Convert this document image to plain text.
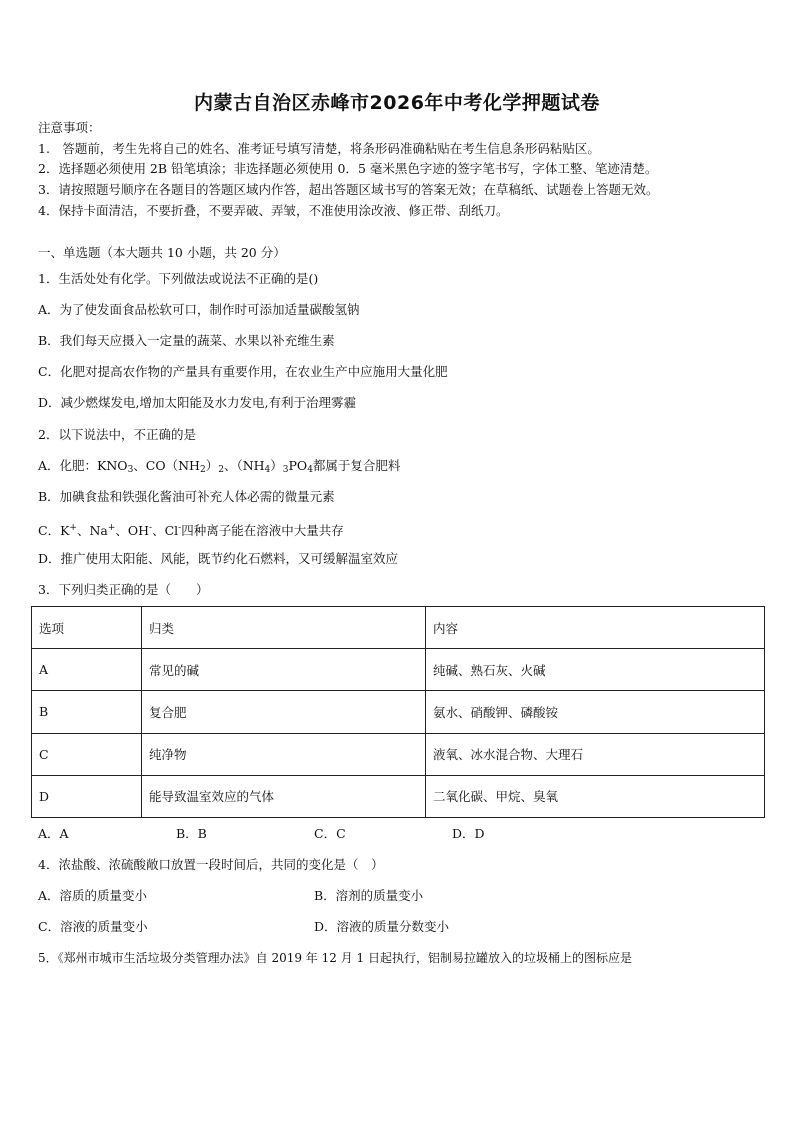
内蒙古自治区赤峰市2026年中考化学押题试卷
注意事项：
1.　答题前，考生先将自己的姓名、准考证号填写清楚，将条形码准确粘贴在考生信息条形码粘贴区。
2．选择题必须使用 2B 铅笔填涂；非选择题必须使用 0．5 毫米黑色字迹的签字笔书写，字体工整、笔迹清楚。
3．请按照题号顺序在各题目的答题区域内作答，超出答题区域书写的答案无效；在草稿纸、试题卷上答题无效。
4．保持卡面清洁，不要折叠，不要弄破、弄皱，不准使用涂改液、修正带、刮纸刀。
一、单选题（本大题共 10 小题，共 20 分）
1．生活处处有化学。下列做法或说法不正确的是()
A．为了使发面食品松软可口，制作时可添加适量碳酸氢钠
B．我们每天应摄入一定量的蔬菜、水果以补充维生素
C．化肥对提高农作物的产量具有重要作用，在农业生产中应施用大量化肥
D．减少燃煤发电,增加太阳能及水力发电,有利于治理雾霾
2．以下说法中，不正确的是
A．化肥：$KNO_3$、$CO(NH_2)_2$、$(NH_4)_3PO_4$都属于复合肥料
B．加碘食盐和铁强化酱油可补充人体必需的微量元素
C．K+、Na+、OH-、Cl-四种离子能在溶液中大量共存
D．推广使用太阳能、风能，既节约化石燃料，又可缓解温室效应
3．下列归类正确的是（　　）
选项	归类	内容
A	常见的碱	纯碱、熟石灰、火碱
B	复合肥	氨水、硝酸钾、磷酸铵
C	纯净物	液氧、冰水混合物、大理石
D	能导致温室效应的气体	二氧化碳、甲烷、臭氧
A．A	B．B	C．C	D．D
4．浓盐酸、浓硫酸敞口放置一段时间后，共同的变化是（　）
A．溶质的质量变小	B．溶剂的质量变小
C．溶液的质量变小	D．溶液的质量分数变小
5．《郑州市城市生活垃圾分类管理办法》自 2019 年 12 月 1 日起执行，铝制易拉罐放入的垃圾桶上的图标应是
